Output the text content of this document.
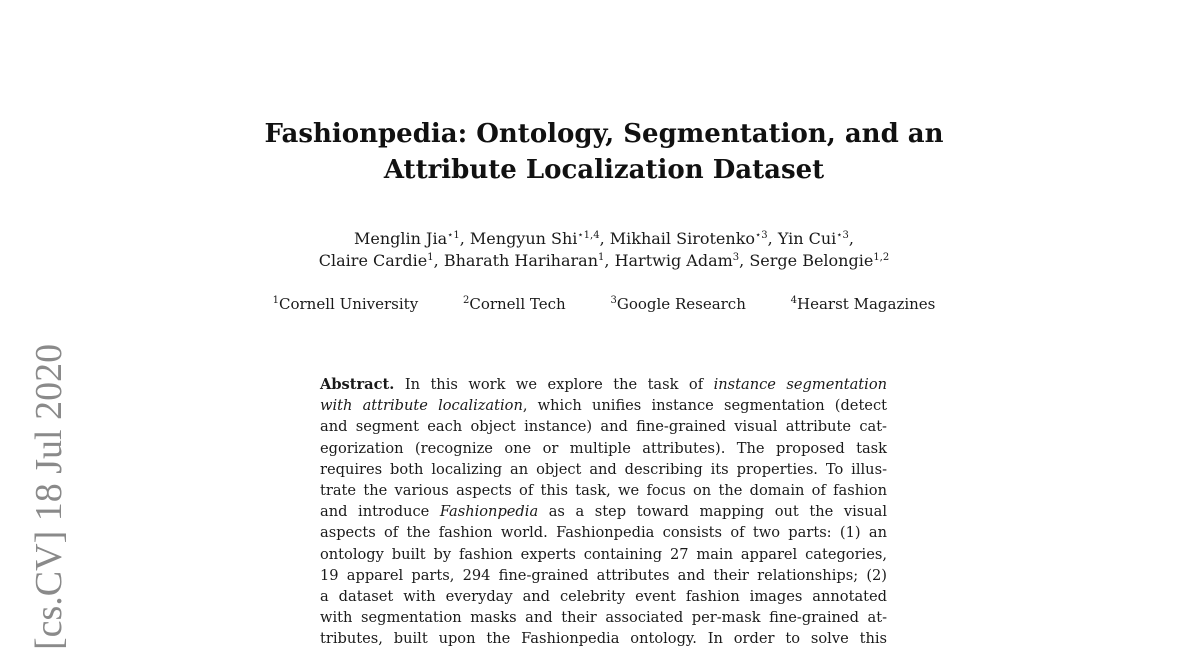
[cs.CV] 18 Jul 2020
Fashionpedia: Ontology, Segmentation, and an
Attribute Localization Dataset
Menglin Jia$^{⋆1}$, Mengyun Shi$^{⋆1,4}$, Mikhail Sirotenko$^{⋆3}$, Yin Cui$^{⋆3}$,
Claire Cardie$^1$, Bharath Hariharan$^1$, Hartwig Adam$^3$, Serge Belongie$^{1,2}$
$^1$Cornell University	$^2$Cornell Tech	$^3$Google Research	$^4$Hearst Magazines
Abstract. In this work we explore the task of instance segmentation
with attribute localization, which unifies instance segmentation (detect
and segment each object instance) and fine-grained visual attribute cat-
egorization (recognize one or multiple attributes). The proposed task
requires both localizing an object and describing its properties. To illus-
trate the various aspects of this task, we focus on the domain of fashion
and introduce Fashionpedia as a step toward mapping out the visual
aspects of the fashion world. Fashionpedia consists of two parts: (1) an
ontology built by fashion experts containing 27 main apparel categories,
19 apparel parts, 294 fine-grained attributes and their relationships; (2)
a dataset with everyday and celebrity event fashion images annotated
with segmentation masks and their associated per-mask fine-grained at-
tributes, built upon the Fashionpedia ontology. In order to solve this
